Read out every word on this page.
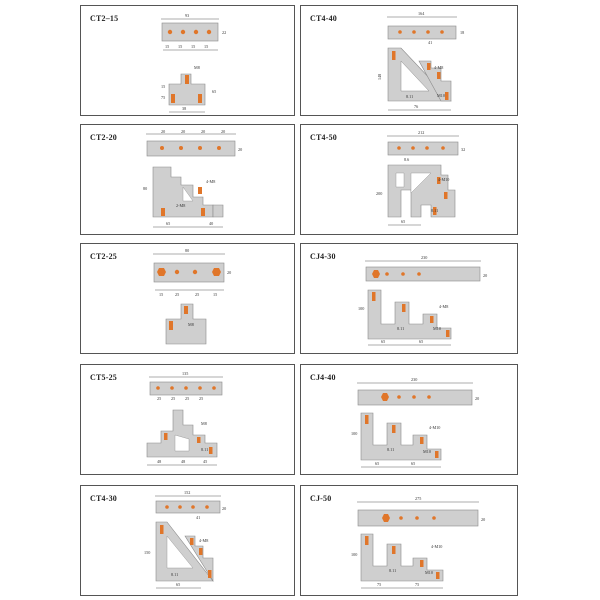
CT2–15	93
15 15 15 15
22
M8
15
75
65
38
CT4-40
164
18
41
148
4-M8
8.11	M10
76
CT2-20
20	20	20	20
20
80
4-M8
2-M8
65	40
CT4-50
212
32
8.6
200
4-M10
8.11
65
CT2-25
80
20
15	25	25	15
M8
CJ4-30	230
20
100	4-M8
8.11	M10
65	65
CT5-25	135
25 25 25 25
M8
8.11
48	48	45
CJ4-40	230
20
100
4-M10
8.11	M10
65	65
CT4-30
152
20
41
150
4-M8
8.11
65
CJ-50	275
20
100
4-M10
8.11	M10
75	75
